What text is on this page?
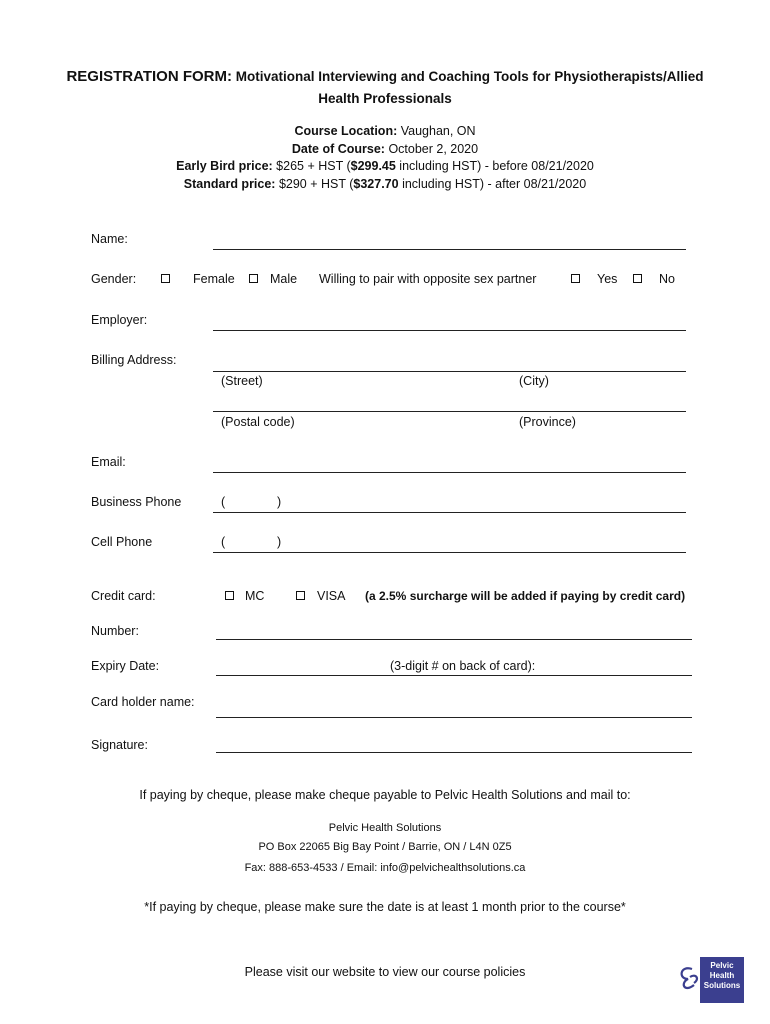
REGISTRATION FORM: Motivational Interviewing and Coaching Tools for Physiotherapists/Allied
Health Professionals
Course Location: Vaughan, ON
Date of Course: October 2, 2020
Early Bird price: $265 + HST ($299.45 including HST) - before 08/21/2020
Standard price: $290 + HST ($327.70 including HST) - after 08/21/2020
Name:
Gender:	Female	Male Willing to pair with opposite sex partner	Yes	No
Employer:
Billing Address:
(Street)	(City)
(Postal code)	(Province)
Email:
Business Phone	(	)
Cell Phone	(	)
Credit card:	MC	VISA (a 2.5% surcharge will be added if paying by credit card)
Number:
Expiry Date:	(3-digit # on back of card):
Card holder name:
Signature:
If paying by cheque, please make cheque payable to Pelvic Health Solutions and mail to:
Pelvic Health Solutions
PO Box 22065 Big Bay Point / Barrie, ON / L4N 0Z5
Fax: 888-653-4533 / Email: info@pelvichealthsolutions.ca
*If paying by cheque, please make sure the date is at least 1 month prior to the course*
Please visit our website to view our course policies	Pelvic
Health
Solutions
